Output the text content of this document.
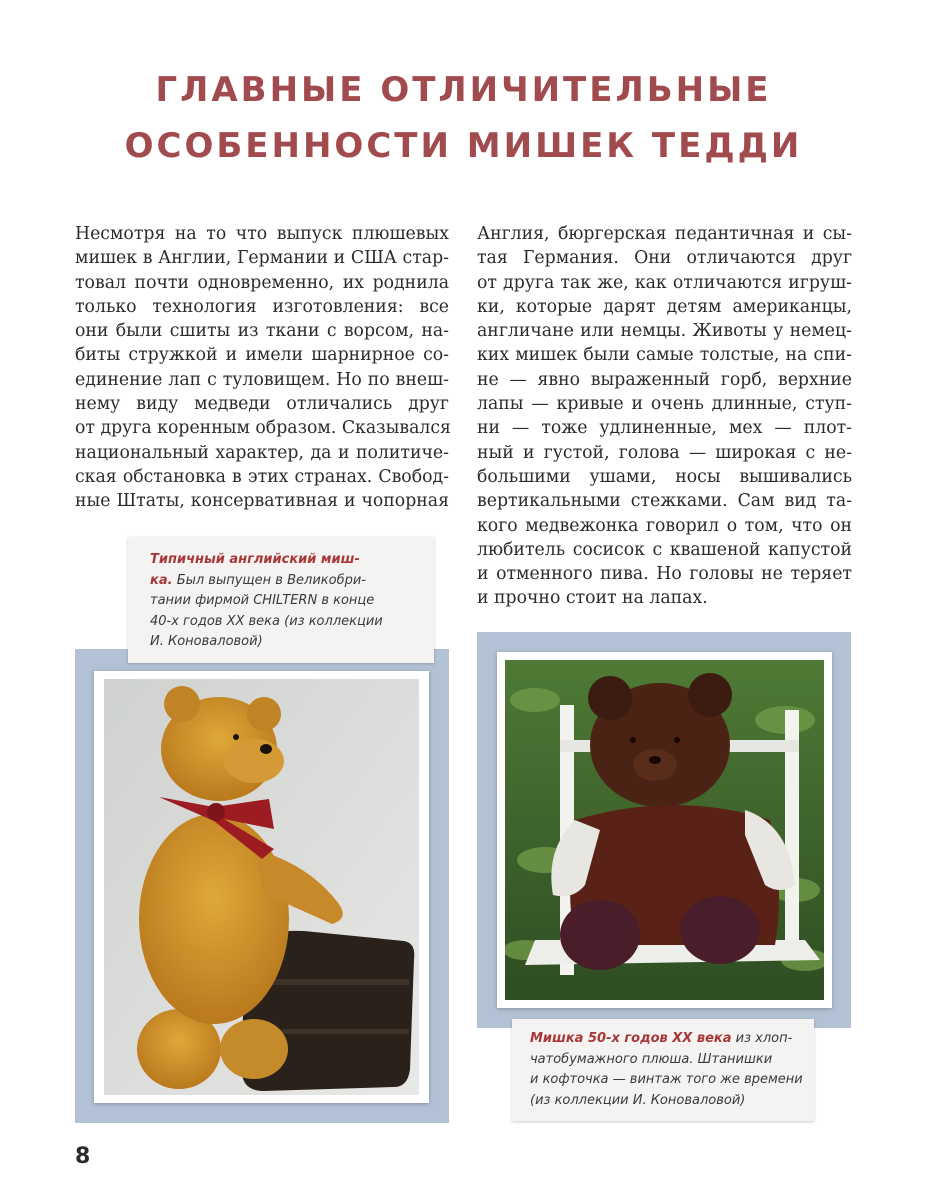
ГЛАВНЫЕ ОТЛИЧИТЕЛЬНЫЕ
ОСОБЕННОСТИ МИШЕК ТЕДДИ
Несмотря на то что выпуск плюшевых
мишек в Англии, Германии и США стар-
товал почти одновременно, их роднила
только технология изготовления: все
они были сшиты из ткани с ворсом, на-
биты стружкой и имели шарнирное со-
единение лап с туловищем. Но по внеш-
нему виду медведи отличались друг
от друга коренным образом. Сказывался
национальный характер, да и политиче-
ская обстановка в этих странах. Свобод-
ные Штаты, консервативная и чопорная
Англия, бюргерская педантичная и сы-
тая Германия. Они отличаются друг
от друга так же, как отличаются игруш-
ки, которые дарят детям американцы,
англичане или немцы. Животы у немец-
ких мишек были самые толстые, на спи-
не — явно выраженный горб, верхние
лапы — кривые и очень длинные, ступ-
ни — тоже удлиненные, мех — плот-
ный и густой, голова — широкая с не-
большими ушами, носы вышивались
вертикальными стежками. Сам вид та-
кого медвежонка говорил о том, что он
любитель сосисок с квашеной капустой
и отменного пива. Но головы не теряет
и прочно стоит на лапах.
Типичный английский миш-
ка. Был выпущен в Великобри-
тании фирмой CHILTERN в конце
40-х годов XX века (из коллекции
И. Коноваловой)
Мишка 50-х годов XX века из хлоп-
чатобумажного плюша. Штанишки
и кофточка — винтаж того же времени
(из коллекции И. Коноваловой)
8
